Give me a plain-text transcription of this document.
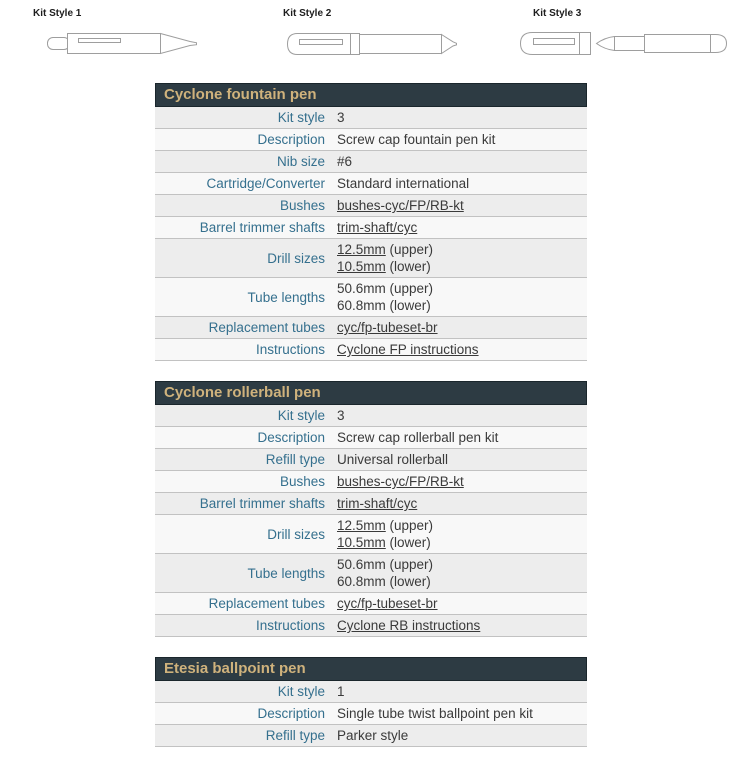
Kit Style 1	Kit Style 2	Kit Style 3
Cyclone fountain pen
Kit style 3
Description Screw cap fountain pen kit
Nib size #6
Cartridge/Converter Standard international
Bushes bushes-cyc/FP/RB-kt
Barrel trimmer shafts trim-shaft/cyc
Drill sizes
12.5mm (upper)
10.5mm (lower)
Tube lengths
50.6mm (upper)
60.8mm (lower)
Replacement tubes cyc/fp-tubeset-br
Instructions Cyclone FP instructions
Cyclone rollerball pen
Kit style 3
Description Screw cap rollerball pen kit
Refill type Universal rollerball
Bushes bushes-cyc/FP/RB-kt
Barrel trimmer shafts trim-shaft/cyc
Drill sizes
12.5mm (upper)
10.5mm (lower)
Tube lengths
50.6mm (upper)
60.8mm (lower)
Replacement tubes cyc/fp-tubeset-br
Instructions Cyclone RB instructions
Etesia ballpoint pen
Kit style 1
Description Single tube twist ballpoint pen kit
Refill type Parker style
